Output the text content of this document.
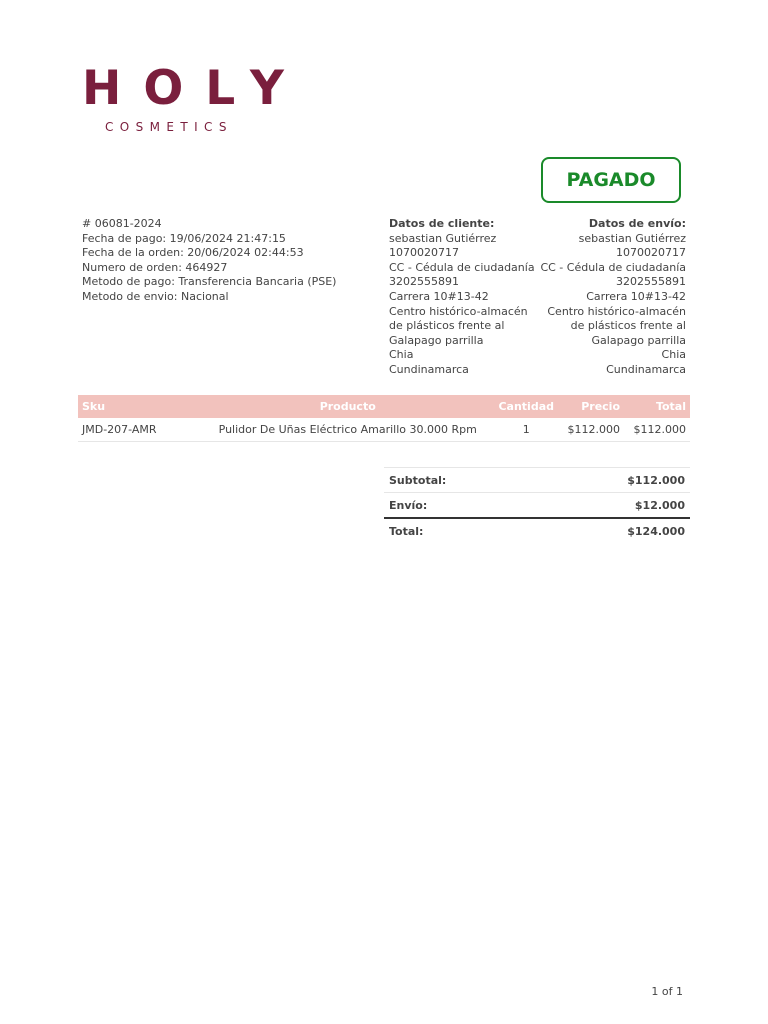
HOLY
COSMETICS
PAGADO
# 06081-2024
Fecha de pago: 19/06/2024 21:47:15
Fecha de la orden: 20/06/2024 02:44:53
Numero de orden: 464927
Metodo de pago: Transferencia Bancaria (PSE)
Metodo de envio: Nacional
Datos de cliente:
sebastian Gutiérrez
1070020717
CC - Cédula de ciudadanía
3202555891
Carrera 10#13-42
Centro histórico-almacén
de plásticos frente al
Galapago parrilla
Chia
Cundinamarca
Datos de envío:
sebastian Gutiérrez
1070020717
CC - Cédula de ciudadanía
3202555891
Carrera 10#13-42
Centro histórico-almacén
de plásticos frente al
Galapago parrilla
Chia
Cundinamarca
Sku	Producto	Cantidad	Precio	Total
JMD-207-AMR	Pulidor De Uñas Eléctrico Amarillo 30.000 Rpm	1	$112.000	$112.000
Subtotal:	$112.000
Envío:	$12.000
Total:	$124.000
1 of 1
